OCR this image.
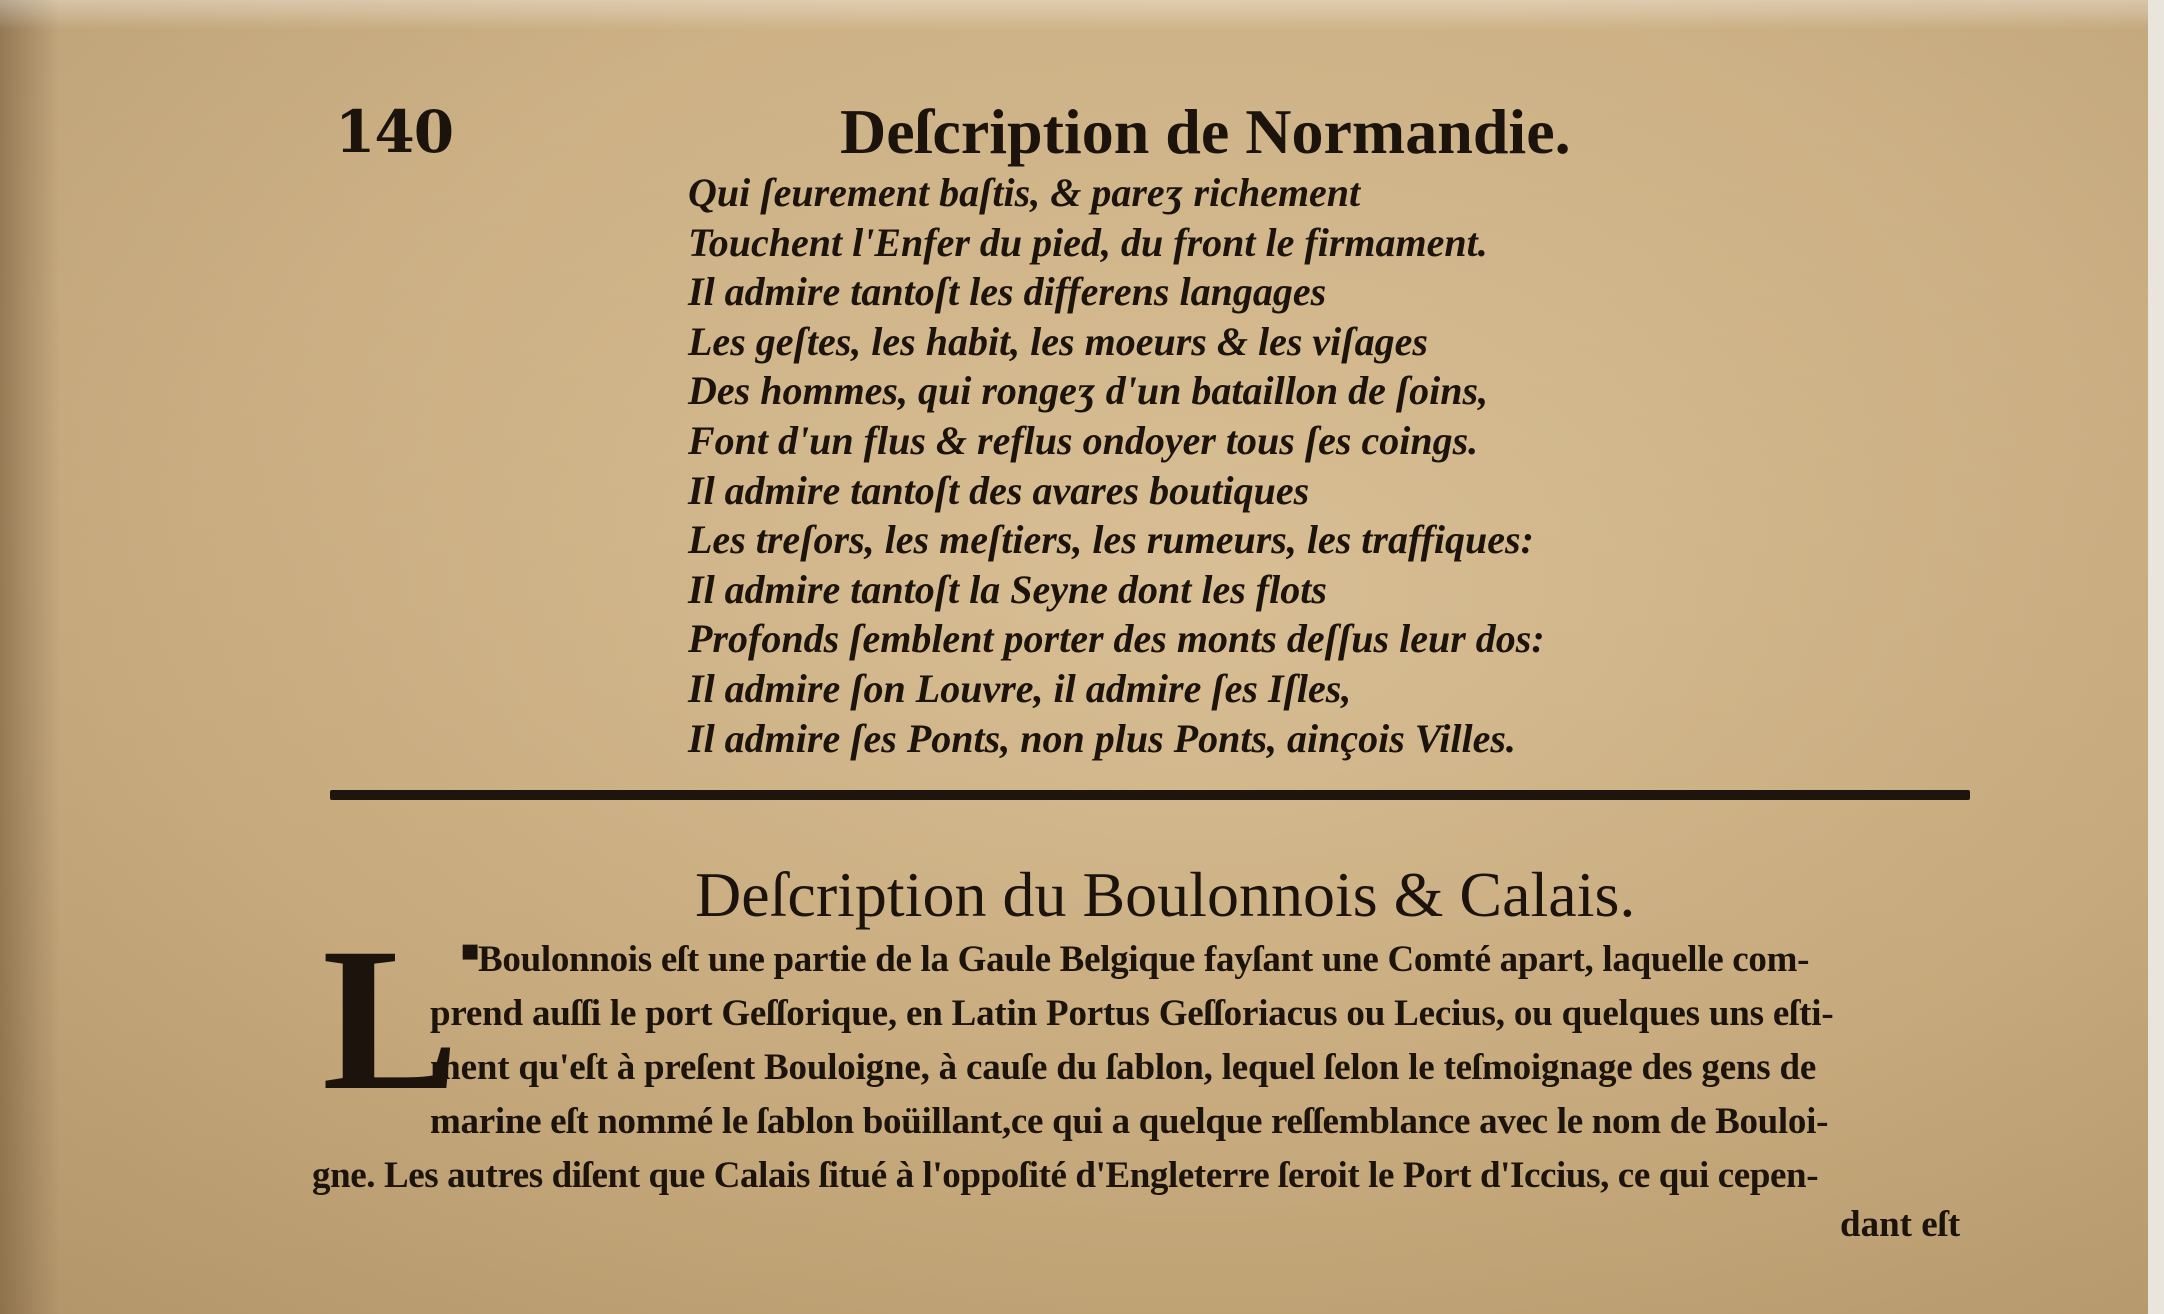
140	Deſcription de Normandie.
Qui ſeurement baſtis, & pareʒ richement
Touchent l'Enfer du pied, du front le firmament.
Il admire tantoſt les differens langages
Les geſtes, les habit, les moeurs & les viſages
Des hommes, qui rongeʒ d'un bataillon de ſoins,
Font d'un flus & reflus ondoyer tous ſes coings.
Il admire tantoſt des avares boutiques
Les treſors, les meſtiers, les rumeurs, les traffiques:
Il admire tantoſt la Seyne dont les flots
Profonds ſemblent porter des monts deſſus leur dos:
Il admire ſon Louvre, il admire ſes Iſles,
Il admire ſes Ponts, non plus Ponts, ainçois Villes.
Deſcription du Boulonnois & Calais.
L ▪
Boulonnois eſt une partie de la Gaule Belgique fayſant une Comté apart, laquelle com-
prend auſſi le port Geſſorique, en Latin Portus Geſſoriacus ou Lecius, ou quelques uns eſti-
ment qu'eſt à preſent Bouloigne, à cauſe du ſablon, lequel ſelon le teſmoignage des gens de
marine eſt nommé le ſablon boüillant,ce qui a quelque reſſemblance avec le nom de Bouloi-
gne. Les autres diſent que Calais ſitué à l'oppoſité d'Engleterre ſeroit le Port d'Iccius, ce qui cepen-
dant eſt
